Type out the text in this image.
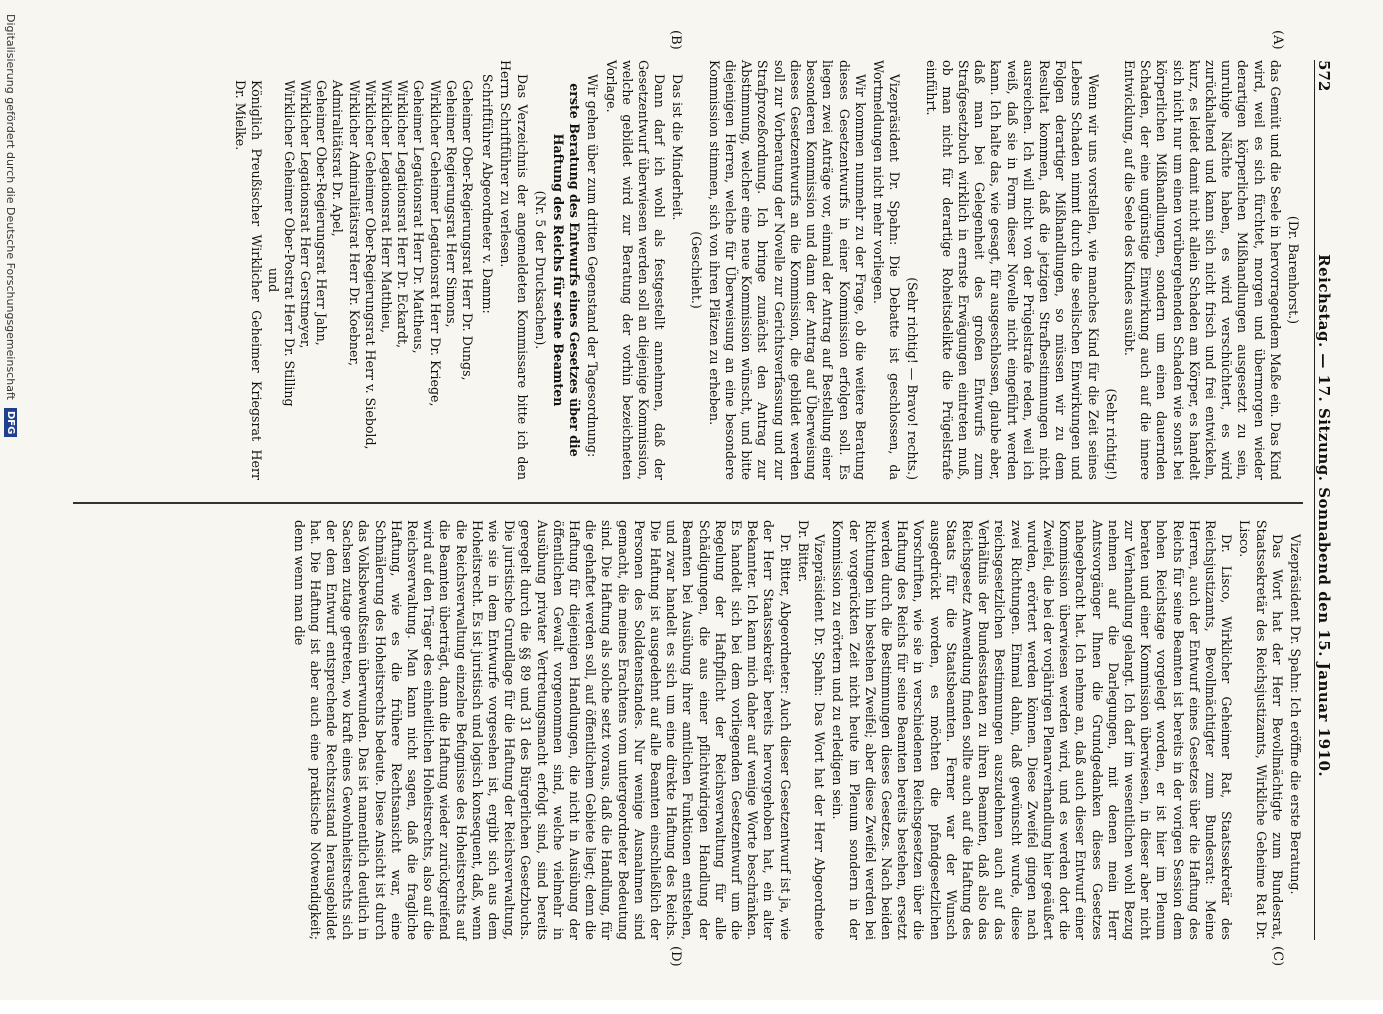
572
Reichstag. — 17. Sitzung. Sonnabend den 15. Januar 1910.
(A)
(B)
(C)
(D)
(Dr. Barenhorst.)

das Gemüt und die Seele in hervorragendem Maße ein. Das Kind wird, weil es sich fürchtet, morgen und übermorgen wieder derartigen körperlichen Mißhandlungen ausgesetzt zu sein, unruhige Nächte haben, es wird verschüchtert, es wird zurückhaltend und kann sich nicht frisch und frei entwickeln, kurz, es leidet damit nicht allein Schaden am Körper, es handelt sich nicht nur um einen vorübergehenden Schaden wie sonst bei körperlichen Mißhandlungen, sondern um einen dauernden Schaden, der eine ungünstige Einwirkung auch auf die innere Entwicklung, auf die Seele des Kindes ausübt.

(Sehr richtig!)

Wenn wir uns vorstellen, wie manches Kind für die Zeit seines Lebens Schaden nimmt durch die seelischen Einwirkungen und Folgen derartiger Mißhandlungen, so müssen wir zu dem Resultat kommen, daß die jetzigen Strafbestimmungen nicht ausreichen. Ich will nicht von der Prügelstrafe reden, weil ich weiß, daß sie in Form dieser Novelle nicht eingeführt werden kann. Ich halte das, wie gesagt, für ausgeschlossen, glaube aber, daß man bei Gelegenheit des großen Entwurfs zum Strafgesetzbuch wirklich in ernste Erwägungen eintreten muß, ob man nicht für derartige Roheitsdelikte die Prügelstrafe einführt.

(Sehr richtig! — Bravo! rechts.)

Vizepräsident Dr. Spahn: Die Debatte ist geschlossen, da Wortmeldungen nicht mehr vorliegen.

Wir kommen nunmehr zu der Frage, ob die weitere Beratung dieses Gesetzentwurfs in einer Kommission erfolgen soll. Es liegen zwei Anträge vor, einmal der Antrag auf Bestellung einer besonderen Kommission und dann der Antrag auf Überweisung dieses Gesetzentwurfs an die Kommission, die gebildet werden soll zur Vorberatung der Novelle zur Gerichtsverfassung und zur Strafprozeßordnung. Ich bringe zunächst den Antrag zur Abstimmung, welcher eine neue Kommission wünscht, und bitte diejenigen Herren, welche für Überweisung an eine besondere Kommission stimmen, sich von ihren Plätzen zu erheben.

(Geschieht.)

Das ist die Minderheit.

Dann darf ich wohl als festgestellt annehmen, daß der Gesetzentwurf überwiesen werden soll an diejenige Kommission, welche gebildet wird zur Beratung der vorhin bezeichneten Vorlage.

Wir gehen über zum dritten Gegenstand der Tagesordnung:

erste Beratung des Entwurfs eines Gesetzes über die Haftung des Reichs für seine Beamten
(Nr. 5 der Drucksachen).

Das Verzeichnis der angemeldeten Kommissare bitte ich den Herrn Schriftführer zu verlesen.

Schriftführer Abgeordneter v. Damm:

Geheimer Ober-Regierungsrat Herr Dr. Dungs,
Geheimer Regierungsrat Herr Simons,
Wirklicher Geheimer Legationsrat Herr Dr. Kriege,
Geheimer Legationsrat Herr Dr. Mattheus,
Wirklicher Legationsrat Herr Dr. Eckardt,
Wirklicher Legationsrat Herr Matthieu,
Wirklicher Geheimer Ober-Regierungsrat Herr v. Siebold,
Wirklicher Admiralitätsrat Herr Dr. Koebner,
Admiralitätsrat Dr. Apel,
Geheimer Ober-Regierungsrat Herr Jahn,
Wirklicher Legationsrat Herr Gerstmeyer,
Wirklicher Geheimer Ober-Postrat Herr Dr. Stilling
und
Königlich Preußischer Wirklicher Geheimer Kriegsrat Herr Dr. Mielke.

Vizepräsident Dr. Spahn: Ich eröffne die erste Beratung.

Das Wort hat der Herr Bevollmächtigte zum Bundesrat, Staatssekretär des Reichsjustizamts, Wirkliche Geheime Rat Dr. Lisco.

Dr. Lisco, Wirklicher Geheimer Rat, Staatssekretär des Reichsjustizamts, Bevollmächtigter zum Bundesrat: Meine Herren, auch der Entwurf eines Gesetzes über die Haftung des Reichs für seine Beamten ist bereits in der vorigen Session dem hohen Reichstage vorgelegt worden, er ist hier im Plenum beraten und einer Kommission überwiesen, in dieser aber nicht zur Verhandlung gelangt. Ich darf im wesentlichen wohl Bezug nehmen auf die Darlegungen, mit denen mein Herr Amtsvorgänger Ihnen die Grundgedanken dieses Gesetzes nahegebracht hat. Ich nehme an, daß auch dieser Entwurf einer Kommission überwiesen werden wird, und es werden dort die Zweifel, die bei der vorjährigen Plenarverhandlung hier geäußert wurden, erörtert werden können. Diese Zweifel gingen nach zwei Richtungen. Einmal dahin, daß gewünscht wurde, diese reichsgesetzlichen Bestimmungen auszudehnen auch auf das Verhältnis der Bundesstaaten zu ihren Beamten, daß also das Reichsgesetz Anwendung finden sollte auch auf die Haftung des Staats für die Staatsbeamten. Ferner war der Wunsch ausgedrückt worden, es möchten die pfandgesetzlichen Vorschriften, wie sie in verschiedenen Reichsgesetzen über die Haftung des Reichs für seine Beamten bereits bestehen, ersetzt werden durch die Bestimmungen dieses Gesetzes. Nach beiden Richtungen hin bestehen Zweifel; aber diese Zweifel werden bei der vorgerückten Zeit nicht heute im Plenum sondern in der Kommission zu erörtern und zu erledigen sein.

Vizepräsident Dr. Spahn: Das Wort hat der Herr Abgeordnete Dr. Bitter.

Dr. Bitter, Abgeordneter: Auch dieser Gesetzentwurf ist ja, wie der Herr Staatssekretär bereits hervorgehoben hat, ein alter Bekannter. Ich kann mich daher auf wenige Worte beschränken. Es handelt sich bei dem vorliegenden Gesetzentwurf um die Regelung der Haftpflicht der Reichsverwaltung für alle Schädigungen, die aus einer pflichtwidrigen Handlung der Beamten bei Ausübung ihrer amtlichen Funktionen entstehen, und zwar handelt es sich um eine direkte Haftung des Reichs. Die Haftung ist ausgedehnt auf alle Beamten einschließlich der Personen des Soldatenstandes. Nur wenige Ausnahmen sind gemacht, die meines Erachtens vom untergeordneter Bedeutung sind. Die Haftung als solche setzt voraus, daß die Handlung, für die gehaftet werden soll, auf öffentlichem Gebiete liegt; denn die Haftung für diejenigen Handlungen, die nicht in Ausübung der öffentlichen Gewalt vorgenommen sind, welche vielmehr in Ausübung privater Vertretungsmacht erfolgt sind, sind bereits geregelt durch die §§ 89 und 31 des Bürgerlichen Gesetzbuchs. Die juristische Grundlage für die Haftung der Reichsverwaltung, wie sie in dem Entwurfe vorgesehen ist, ergibt sich aus dem Hoheitsrecht. Es ist juristisch und logisch konsequent, daß, wenn die Reichsverwaltung einzelne Befugnisse des Hoheitsrechts auf die Beamten überträgt, dann die Haftung wieder zurückgreifend wird auf den Träger des einheitlichen Hoheitsrechts, also auf die Reichsverwaltung. Man kann nicht sagen, daß die fragliche Haftung, wie es die frühere Rechtsansicht war, eine Schmälerung des Hoheitsrechts bedeute. Diese Ansicht ist durch das Volksbewußtsein überwunden. Das ist namentlich deutlich in Sachsen zutage getreten, wo kraft eines Gewohnheitsrechts sich der dem Entwurf entsprechende Rechtszustand herausgebildet hat. Die Haftung ist aber auch eine praktische Notwendigkeit; denn wenn man die

Digitalisierung gefördert durch die Deutsche Forschungsgemeinschaft
DFG
